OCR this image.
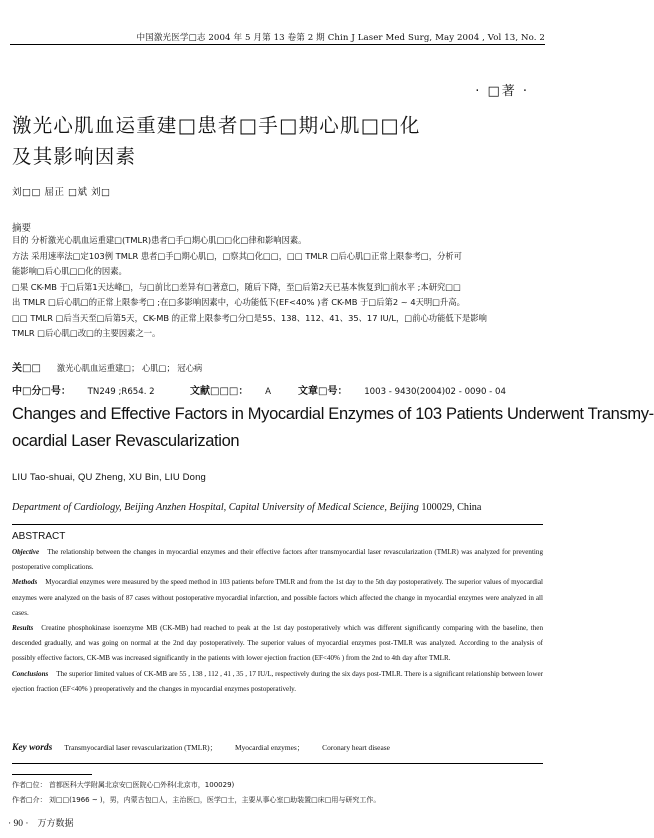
中国激光医学□志 2004 年 5 月第 13 卷第 2 期 Chin J Laser Med Surg, May 2004 , Vol 13, No. 2
· □著 ·
激光心肌血运重建□患者□手□期心肌□□化
及其影响因素
刘□□ 屈正 □斌 刘□
摘要
目的 分析激光心肌血运重建□(TMLR)患者□手□期心肌□□化□律和影响因素。
方法 采用速率法□定103例 TMLR 患者□手□期心肌□，□察其□化□□，□□ TMLR □后心肌□正常上限参考□，分析可
能影响□后心肌□□化的因素。
□果 CK-MB 于□后第1天达峰□，与□前比□差异有□著意□，随后下降，至□后第2天已基本恢复到□前水平 ;本研究□□
出 TMLR □后心肌□的正常上限参考□ ;在□多影响因素中，心功能低下(EF<40% )者 CK-MB 于□后第2 ~ 4天明□升高。
□□ TMLR □后当天至□后第5天，CK-MB 的正常上限参考□分□是55、138、112、41、35、17 IU/L，□前心功能低下是影响
TMLR □后心肌□改□的主要因素之一。
关□□ 激光心肌血运重建□； 心肌□； 冠心病
中□分□号： TN249 ;R654. 2	文献□□□： A	文章□号： 1003 - 9430(2004)02 - 0090 - 04
Changes and Effective Factors in Myocardial Enzymes of 103 Patients Underwent Transmy-
ocardial Laser Revascularization
LIU Tao-shuai, QU Zheng, XU Bin, LIU Dong
Department of Cardiology, Beijing Anzhen Hospital, Capital University of Medical Science, Beijing 100029, China
ABSTRACT

Objective The relationship between the changes in myocardial enzymes and their effective factors after transmyocardial laser revascularization (TMLR) was analyzed for preventing postoperative complications.

Methods Myocardial enzymes were measured by the speed method in 103 patients before TMLR and from the 1st day to the 5th day postoperatively. The superior values of myocardial enzymes were analyzed on the basis of 87 cases without postoperative myocardial infarction, and possible factors which affected the change in myocardial enzymes were analyzed in all cases.

Results Creatine phosphokinase isoenzyme MB (CK-MB) had reached to peak at the 1st day postoperatively which was different significantly comparing with the baseline, then descended gradually, and was going on normal at the 2nd day postoperatively. The superior values of myocardial enzymes post-TMLR was analyzed. According to the analysis of possibly effective factors, CK-MB was increased significantly in the patients with lower ejection fraction (EF<40% ) from the 2nd to 4th day after TMLR.

Conclusions The superior limited values of CK-MB are 55 , 138 , 112 , 41 , 35 , 17 IU/L, respectively during the six days post-TMLR. There is a significant relationship between lower ejection fraction (EF<40% ) preoperatively and the changes in myocardial enzymes postoperatively.

Key words Transmyocardial laser revascularization (TMLR)； Myocardial enzymes； Coronary heart disease
作者□位： 首都医科大学附属北京安□医院心□外科(北京市，100029)
作者□介： 刘□□(1966 ~ )，男，内蒙古包□人，主治医□，医学□士，主要从事心室□助装置□床□用与研究工作。
· 90 · 万方数据
